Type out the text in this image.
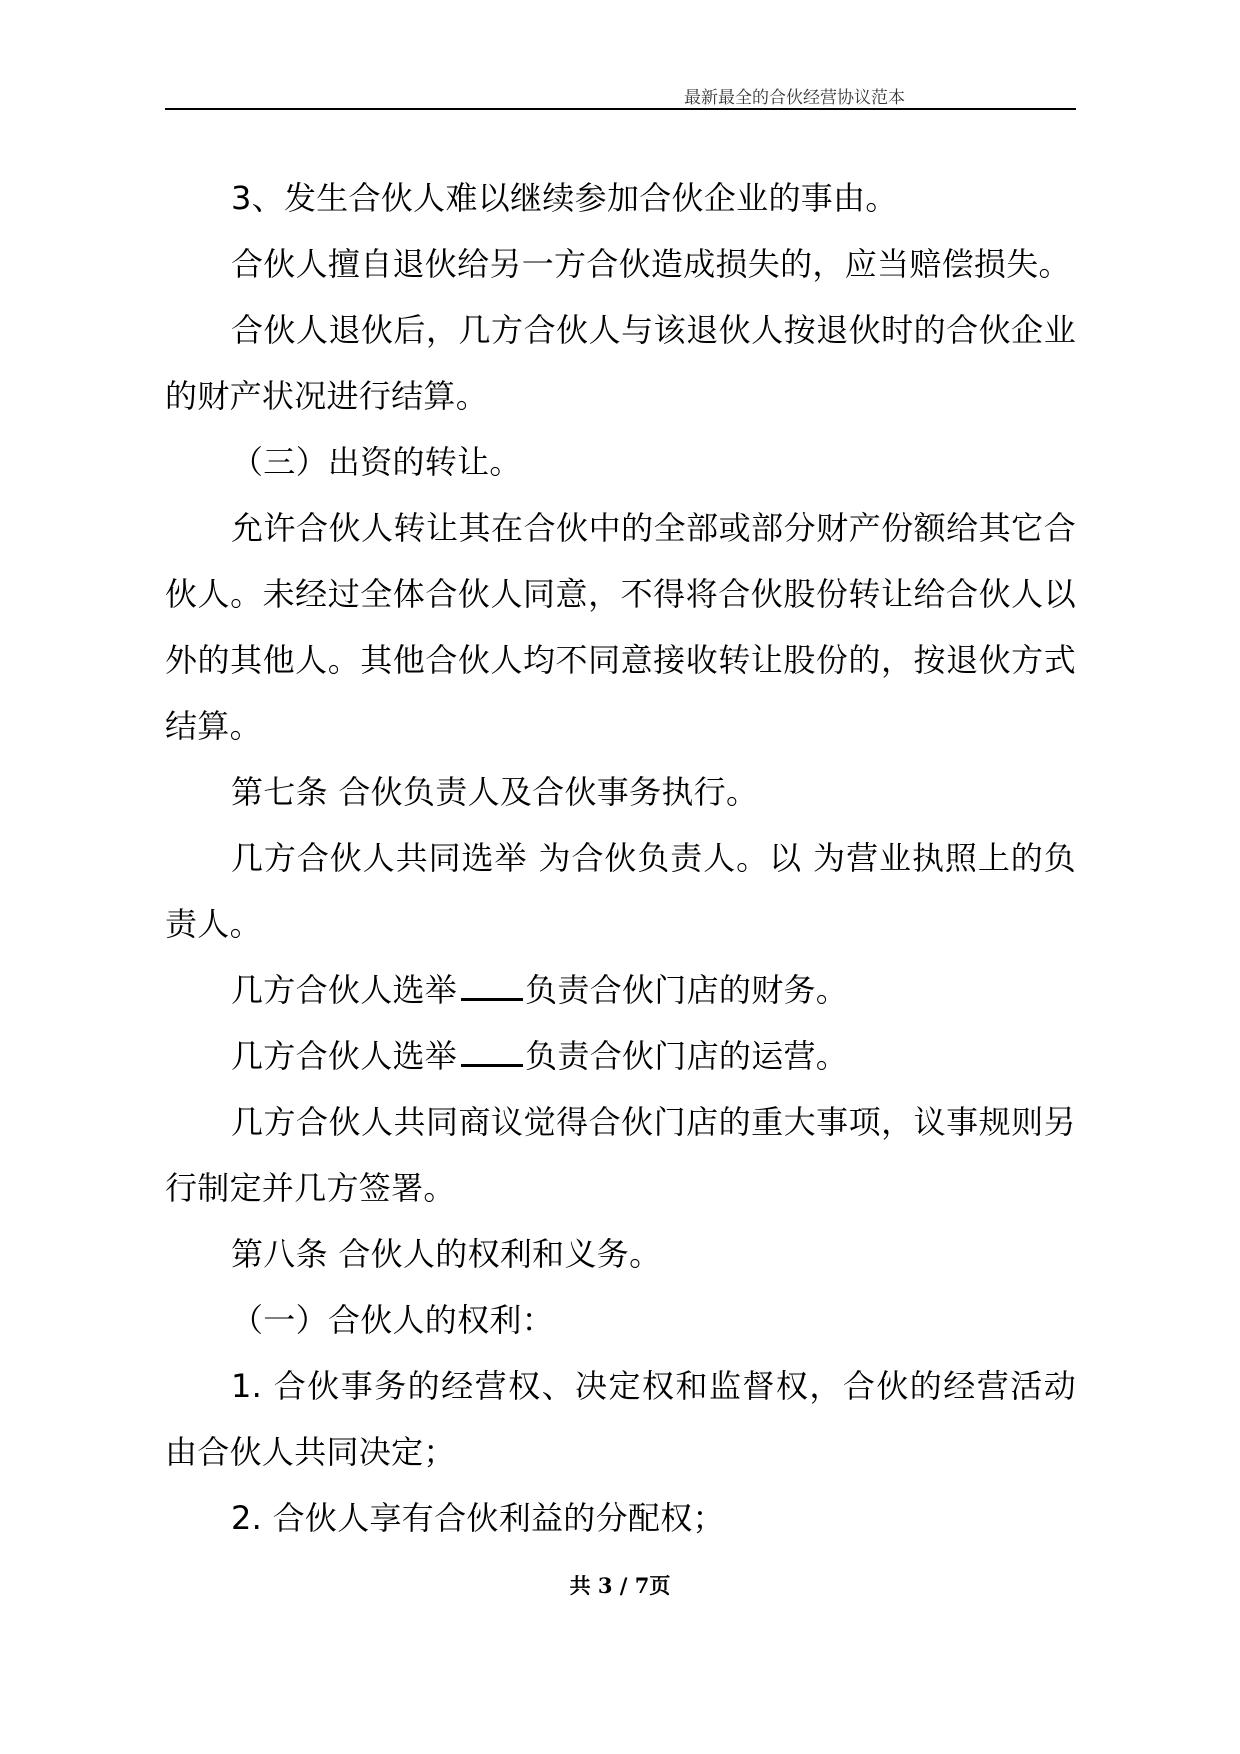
最新最全的合伙经营协议范本

3、发生合伙人难以继续参加合伙企业的事由。

合伙人擅自退伙给另一方合伙造成损失的，应当赔偿损失。

合伙人退伙后，几方合伙人与该退伙人按退伙时的合伙企业的财产状况进行结算。

（三）出资的转让。

允许合伙人转让其在合伙中的全部或部分财产份额给其它合伙人。未经过全体合伙人同意，不得将合伙股份转让给合伙人以外的其他人。其他合伙人均不同意接收转让股份的，按退伙方式结算。

第七条 合伙负责人及合伙事务执行。

几方合伙人共同选举 为合伙负责人。以 为营业执照上的负责人。

几方合伙人选举 负责合伙门店的财务。

几方合伙人选举 负责合伙门店的运营。

几方合伙人共同商议觉得合伙门店的重大事项，议事规则另行制定并几方签署。

第八条 合伙人的权利和义务。

（一）合伙人的权利：

1. 合伙事务的经营权、决定权和监督权，合伙的经营活动由合伙人共同决定；

2. 合伙人享有合伙利益的分配权；

共 3 / 7页
